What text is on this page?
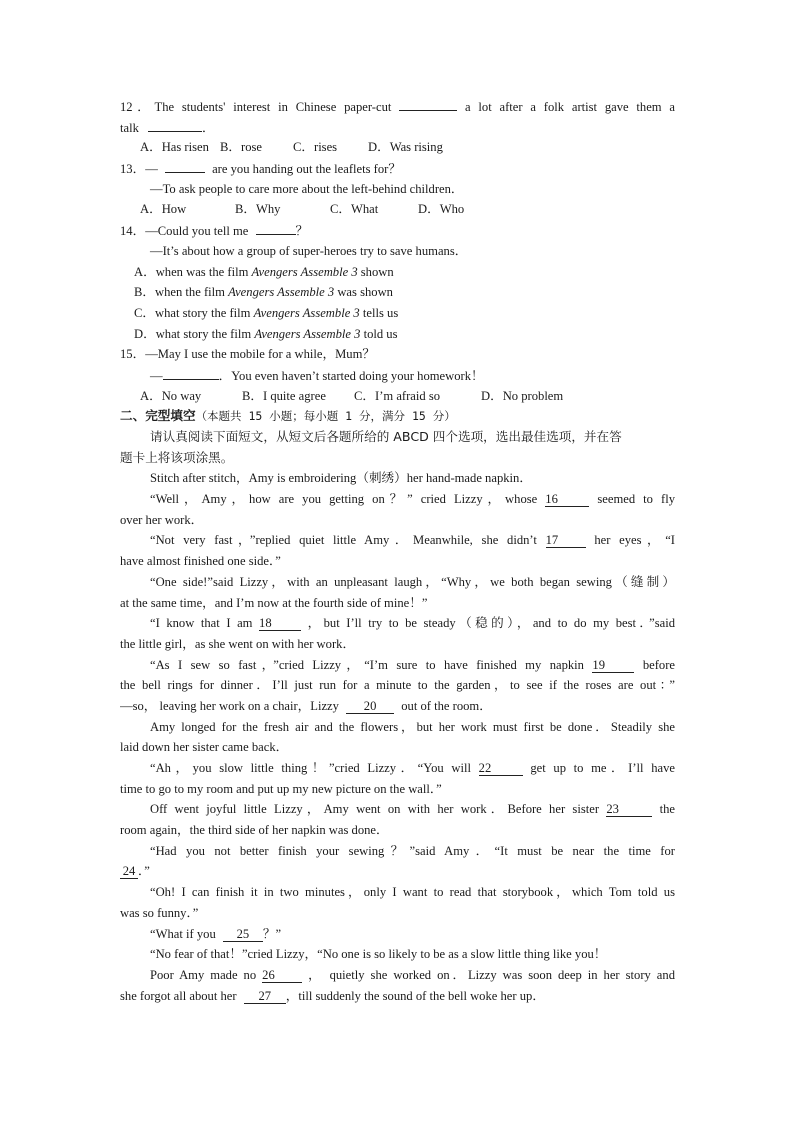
12．The students' interest in Chinese paper-cut	a lot after a folk artist gave them a
talk	．
A．Has risen B．rose C．rises D．Was rising
13．—	are you handing out the leaflets for？
—To ask people to care more about the left-behind children．
A．How	B．Why	C．What	D．Who
14．—Could you tell me	？
—It’s about how a group of super-heroes try to save humans．
A．when was the film Avengers Assemble 3 shown
B．when the film Avengers Assemble 3 was shown
C．what story the film Avengers Assemble 3 tells us
D．what story the film Avengers Assemble 3 told us
15．—May I use the mobile for a while，Mum？
—	．You even haven’t started doing your homework！
A．No way	B．I quite agree C．I’m afraid so	D．No problem
二、完型填空（本题共 15 小题；每小题 1 分，满分 15 分）
请认真阅读下面短文，从短文后各题所给的 ABCD 四个选项，选出最佳选项，并在答
题卡上将该项涂黑。
Stitch after stitch，Amy is embroidering（刺绣）her hand-made napkin．
“Well，Amy，how are you getting on？” cried Lizzy，whose 16	seemed to fly
over her work．
“Not very fast，”replied quiet little Amy．Meanwhile, she didn’t 17	her eyes，“I
have almost finished one side．”
“One side!”said Lizzy，with an unpleasant laugh，“Why，we both began sewing（缝制）
at the same time，and I’m now at the fourth side of mine！”
“I know that I am 18	，but I’ll try to be steady（稳的），and to do my best．”said
the little girl，as she went on with her work．
“As I sew so fast，”cried Lizzy，“I’m sure to have finished my napkin 19	before
the bell rings for dinner．I’ll just run for a minute to the garden，to see if the roses are out：”
—so， leaving her work on a chair，Lizzy 20 out of the room．
Amy longed for the fresh air and the flowers，but her work must first be done．Steadily she
laid down her sister came back．
“Ah，you slow little thing！”cried Lizzy．“You will 22	get up to me．I’ll have
time to go to my room and put up my new picture on the wall．”
Off went joyful little Lizzy，Amy went on with her work．Before her sister 23	the
room again，the third side of her napkin was done．
“Had you not better finish your sewing？”said Amy．“It must be near the time for
24 ．”
“Oh! I can finish it in two minutes，only I want to read that storybook，which Tom told us
was so funny．”
“What if you 25 ？”
“No fear of that！”cried Lizzy，“No one is so likely to be as a slow little thing like you！
Poor Amy made no 26	， quietly she worked on．Lizzy was soon deep in her story and
she forgot all about her 27 ，till suddenly the sound of the bell woke her up．
